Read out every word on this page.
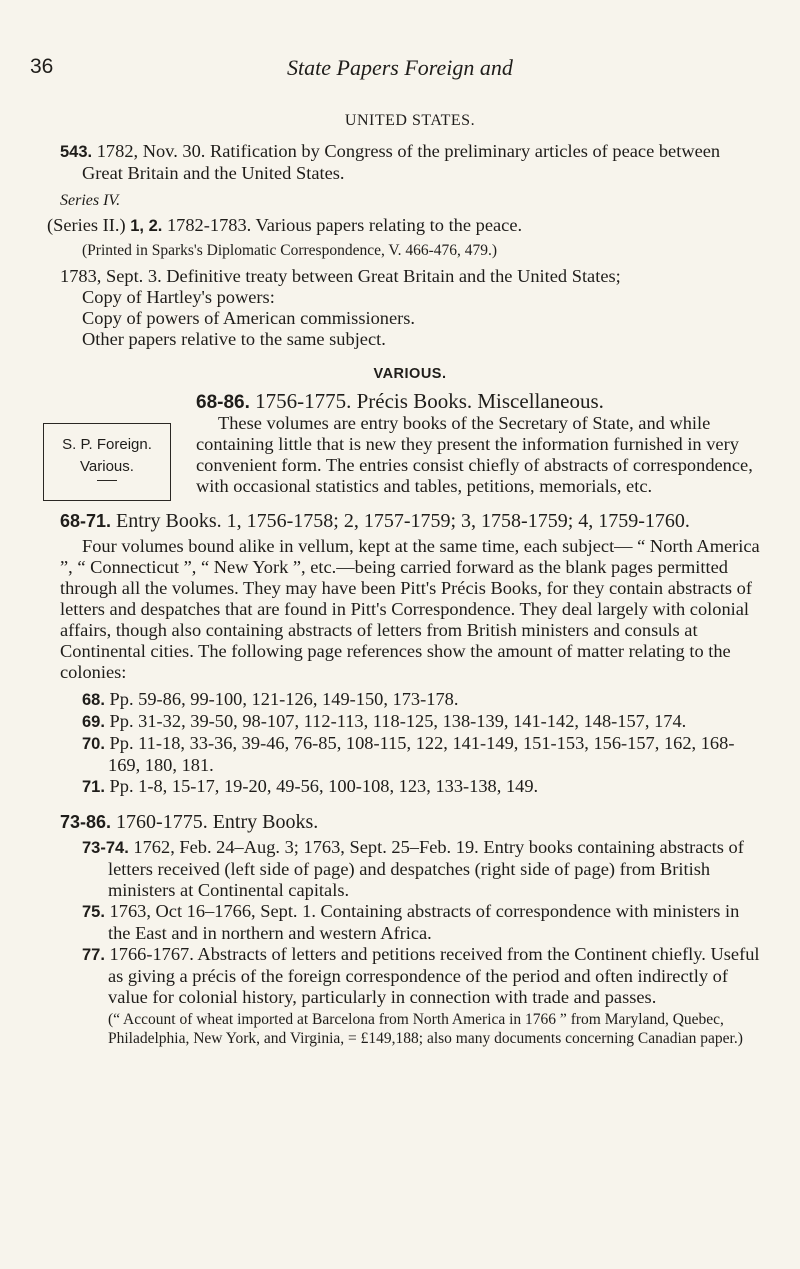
36	State Papers Foreign and
UNITED STATES.

543. 1782, Nov. 30. Ratification by Congress of the preliminary articles of peace between Great Britain and the United States.

Series IV.

(Series II.) 1, 2. 1782-1783. Various papers relating to the peace.

(Printed in Sparks's Diplomatic Correspondence, V. 466-476, 479.)

1783, Sept. 3. Definitive treaty between Great Britain and the United States;

Copy of Hartley's powers:
Copy of powers of American commissioners.
Other papers relative to the same subject.
VARIOUS.
S. P. Foreign.
Various.
68-86. 1756-1775. Précis Books. Miscellaneous.

These volumes are entry books of the Secretary of State, and while containing little that is new they present the information furnished in very convenient form. The entries consist chiefly of abstracts of correspondence, with occasional statistics and tables, petitions, memorials, etc.

68-71. Entry Books. 1, 1756-1758; 2, 1757-1759; 3, 1758-1759; 4, 1759-1760.

Four volumes bound alike in vellum, kept at the same time, each subject— “ North America ”, “ Connecticut ”, “ New York ”, etc.—being carried forward as the blank pages permitted through all the volumes. They may have been Pitt's Précis Books, for they contain abstracts of letters and despatches that are found in Pitt's Correspondence. They deal largely with colonial affairs, though also containing abstracts of letters from British ministers and consuls at Continental cities. The following page references show the amount of matter relating to the colonies:

68. Pp. 59-86, 99-100, 121-126, 149-150, 173-178.

69. Pp. 31-32, 39-50, 98-107, 112-113, 118-125, 138-139, 141-142, 148-157, 174.

70. Pp. 11-18, 33-36, 39-46, 76-85, 108-115, 122, 141-149, 151-153, 156-157, 162, 168-169, 180, 181.

71. Pp. 1-8, 15-17, 19-20, 49-56, 100-108, 123, 133-138, 149.

73-86. 1760-1775. Entry Books.

73-74. 1762, Feb. 24–Aug. 3; 1763, Sept. 25–Feb. 19. Entry books containing abstracts of letters received (left side of page) and despatches (right side of page) from British ministers at Continental capitals.

75. 1763, Oct 16–1766, Sept. 1. Containing abstracts of correspondence with ministers in the East and in northern and western Africa.

77. 1766-1767. Abstracts of letters and petitions received from the Continent chiefly. Useful as giving a précis of the foreign correspondence of the period and often indirectly of value for colonial history, particularly in connection with trade and passes.

(“ Account of wheat imported at Barcelona from North America in 1766 ” from Maryland, Quebec, Philadelphia, New York, and Virginia, = £149,188; also many documents concerning Canadian paper.)
